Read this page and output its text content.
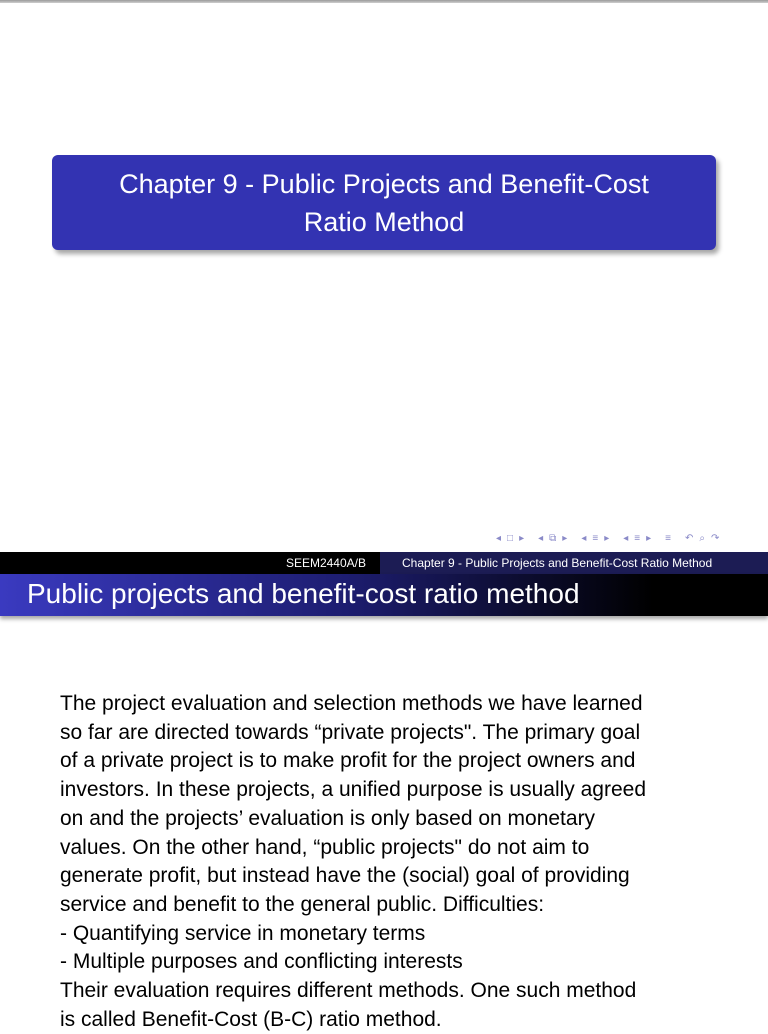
Chapter 9 - Public Projects and Benefit-Cost
Ratio Method
◂ □ ▸ ◂ ⧉ ▸ ◂ ≡ ▸ ◂ ≡ ▸ ≡ ↶ ⌕ ↷
SEEM2440A/B	Chapter 9 - Public Projects and Benefit-Cost Ratio Method
Public projects and benefit-cost ratio method
The project evaluation and selection methods we have learned
so far are directed towards “private projects". The primary goal
of a private project is to make profit for the project owners and
investors. In these projects, a unified purpose is usually agreed
on and the projects’ evaluation is only based on monetary
values. On the other hand, “public projects" do not aim to
generate profit, but instead have the (social) goal of providing
service and benefit to the general public. Difficulties:
- Quantifying service in monetary terms
- Multiple purposes and conflicting interests
Their evaluation requires different methods. One such method
is called Benefit-Cost (B-C) ratio method.
